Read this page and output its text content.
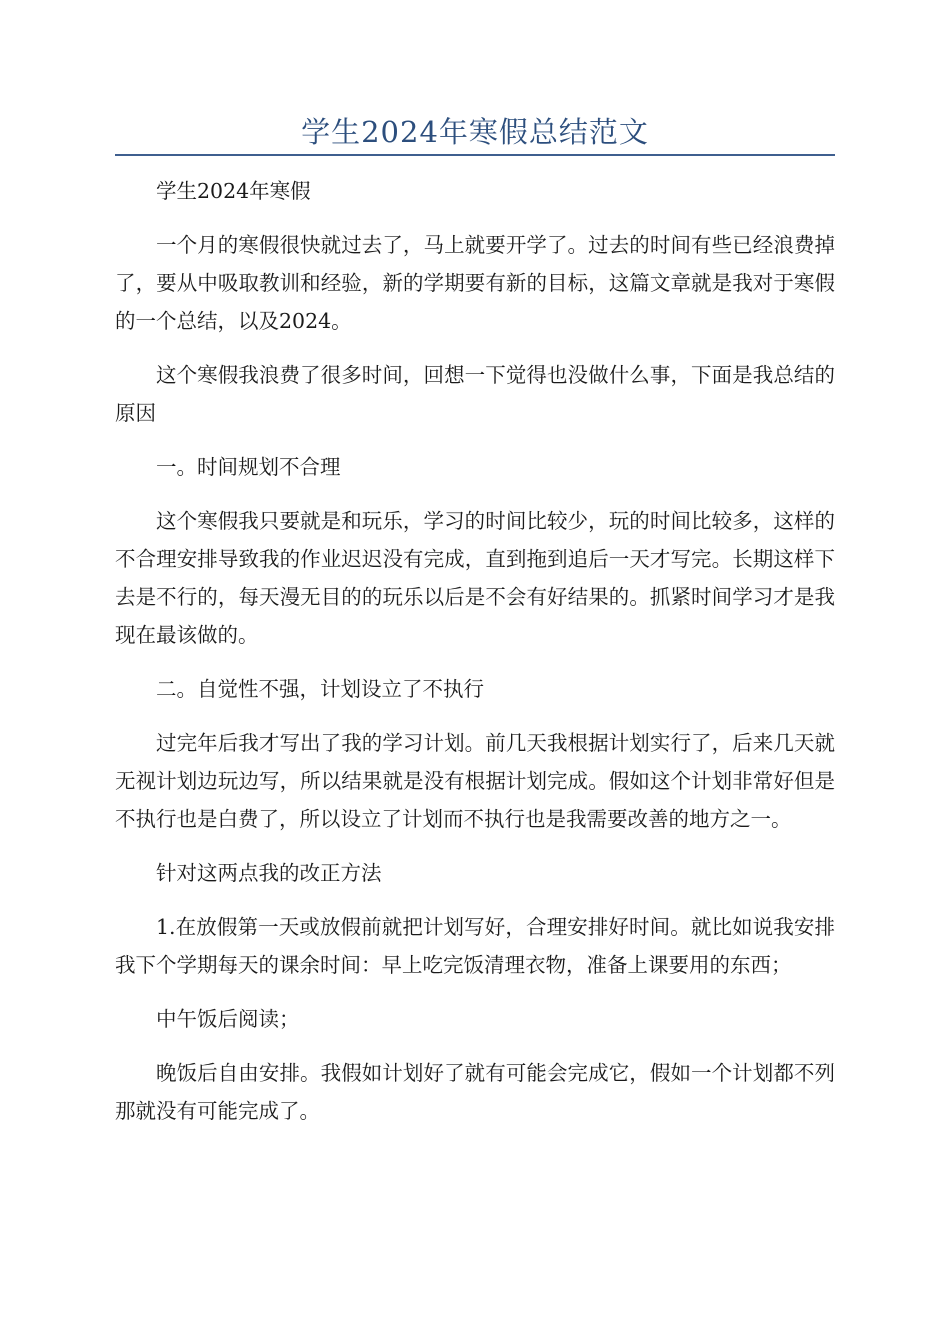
学生2024年寒假总结范文

学生2024年寒假

一个月的寒假很快就过去了，马上就要开学了。过去的时间有些已经浪费掉了，要从中吸取教训和经验，新的学期要有新的目标，这篇文章就是我对于寒假的一个总结，以及2024。

这个寒假我浪费了很多时间，回想一下觉得也没做什么事，下面是我总结的原因

一。时间规划不合理

这个寒假我只要就是和玩乐，学习的时间比较少，玩的时间比较多，这样的不合理安排导致我的作业迟迟没有完成，直到拖到追后一天才写完。长期这样下去是不行的，每天漫无目的的玩乐以后是不会有好结果的。抓紧时间学习才是我现在最该做的。

二。自觉性不强，计划设立了不执行

过完年后我才写出了我的学习计划。前几天我根据计划实行了，后来几天就无视计划边玩边写，所以结果就是没有根据计划完成。假如这个计划非常好但是不执行也是白费了，所以设立了计划而不执行也是我需要改善的地方之一。

针对这两点我的改正方法

1.在放假第一天或放假前就把计划写好，合理安排好时间。就比如说我安排我下个学期每天的课余时间：早上吃完饭清理衣物，准备上课要用的东西；

中午饭后阅读；

晚饭后自由安排。我假如计划好了就有可能会完成它，假如一个计划都不列那就没有可能完成了。
